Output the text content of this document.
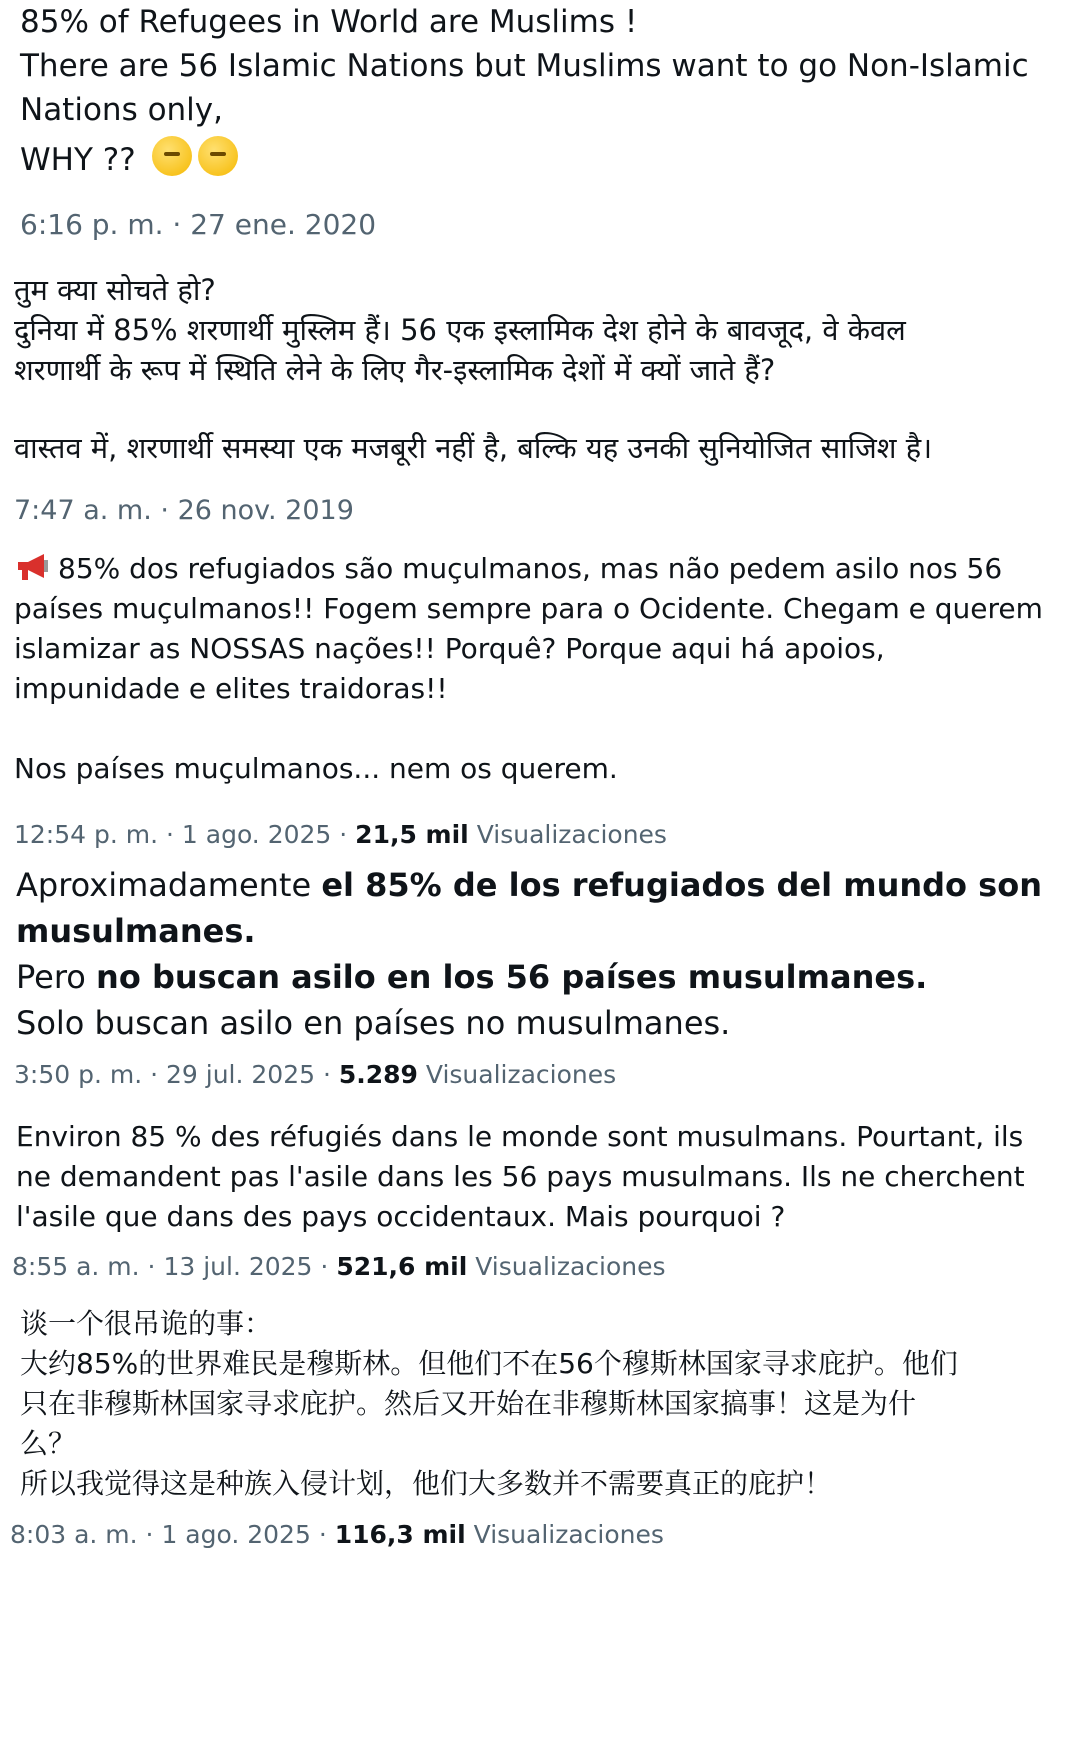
85% of Refugees in World are Muslims !
There are 56 Islamic Nations but Muslims want to go Non-Islamic
Nations only,
WHY ??
6:16 p. m. · 27 ene. 2020
तुम क्या सोचते हो?
दुनिया में 85% शरणार्थी मुस्लिम हैं। 56 एक इस्लामिक देश होने के बावजूद, वे केवल
शरणार्थी के रूप में स्थिति लेने के लिए गैर-इस्लामिक देशों में क्यों जाते हैं?
वास्तव में, शरणार्थी समस्या एक मजबूरी नहीं है, बल्कि यह उनकी सुनियोजित साजिश है।
7:47 a. m. · 26 nov. 2019
85% dos refugiados são muçulmanos, mas não pedem asilo nos 56
países muçulmanos!! Fogem sempre para o Ocidente. Chegam e querem
islamizar as NOSSAS nações!! Porquê? Porque aqui há apoios,
impunidade e elites traidoras!!
Nos países muçulmanos... nem os querem.
12:54 p. m. · 1 ago. 2025 · 21,5 mil Visualizaciones
Aproximadamente el 85% de los refugiados del mundo son
musulmanes.
Pero no buscan asilo en los 56 países musulmanes.
Solo buscan asilo en países no musulmanes.
3:50 p. m. · 29 jul. 2025 · 5.289 Visualizaciones
Environ 85 % des réfugiés dans le monde sont musulmans. Pourtant, ils
ne demandent pas l'asile dans les 56 pays musulmans. Ils ne cherchent
l'asile que dans des pays occidentaux. Mais pourquoi ?
8:55 a. m. · 13 jul. 2025 · 521,6 mil Visualizaciones
谈一个很吊诡的事：
大约85%的世界难民是穆斯林。但他们不在56个穆斯林国家寻求庇护。他们
只在非穆斯林国家寻求庇护。然后又开始在非穆斯林国家搞事！这是为什
么？
所以我觉得这是种族入侵计划，他们大多数并不需要真正的庇护！
8:03 a. m. · 1 ago. 2025 · 116,3 mil Visualizaciones
